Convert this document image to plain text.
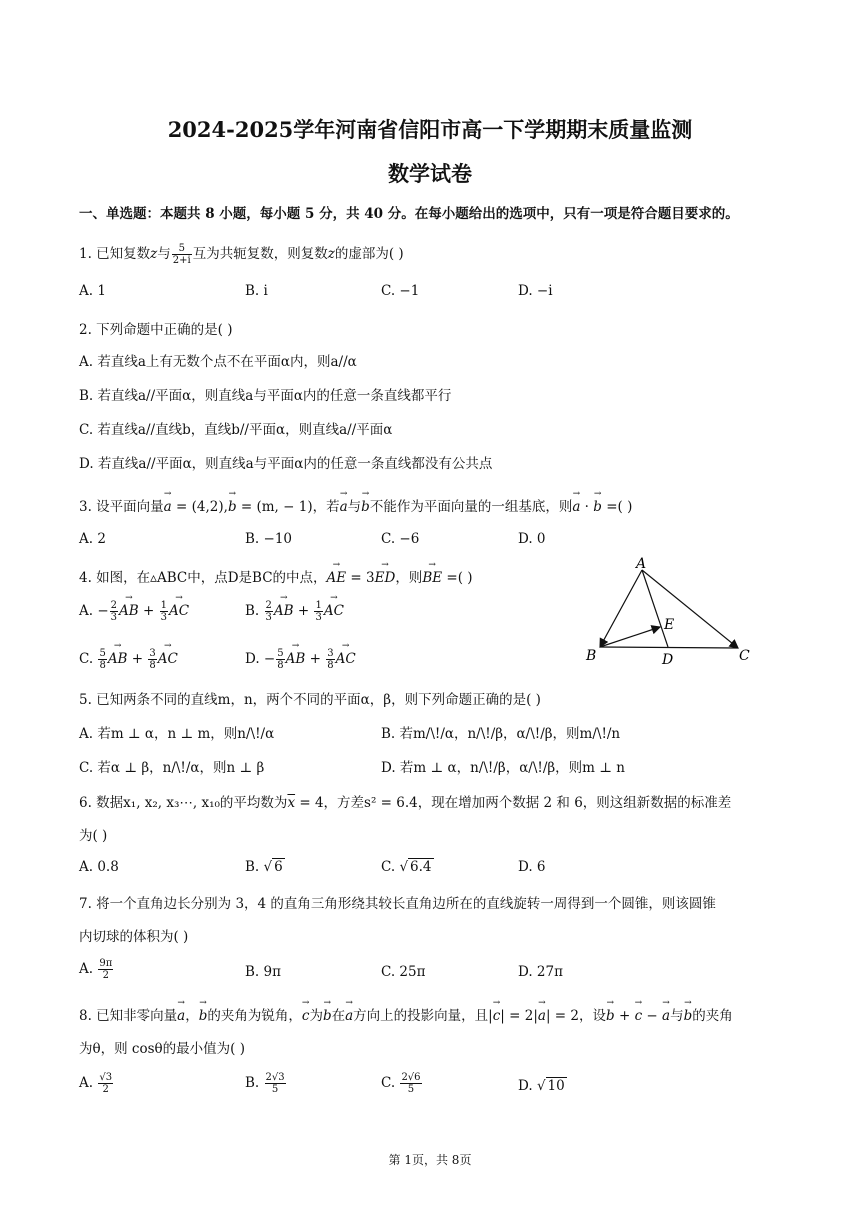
2024-2025学年河南省信阳市高一下学期期末质量监测
数学试卷
一、单选题：本题共 8 小题，每小题 5 分，共 40 分。在每小题给出的选项中，只有一项是符合题目要求的。
1. 已知复数z与 $\frac{5}{2+i}$ 互为共轭复数，则复数z的虚部为( )
A. 1	B. i	C. −1	D. −i
2. 下列命题中正确的是( )
A. 若直线a上有无数个点不在平面α内，则a//α
B. 若直线a//平面α，则直线a与平面α内的任意一条直线都平行
C. 若直线a//直线b，直线b//平面α，则直线a//平面α
D. 若直线a//平面α，则直线a与平面α内的任意一条直线都没有公共点
3. 设平面向量→ a = (4,2),→ b = (m, − 1)，若→ a与→ b不能作为平面向量的一组基底，则→ a · → b =( )
A. 2	B. −10	C. −6	D. 0
4. 如图，在▵ABC中，点D是BC的中点，→ AE = 3→ ED，则→ BE =( )
A. − $\frac{2}{3}$ → AB + $\frac{1}{3}$ → AC	B. $\frac{2}{3}$ → AB + $\frac{1}{3}$ → AC
C. $\frac{5}{8}$ → AB + $\frac{3}{8}$ → AC	D. − $\frac{5}{8}$ → AB + $\frac{3}{8}$ → AC
A
B	C
D
E
5. 已知两条不同的直线m，n，两个不同的平面α，β，则下列命题正确的是( )
A. 若m ⊥ α，n ⊥ m，则n/\!/α	B. 若m/\!/α，n/\!/β，α/\!/β，则m/\!/n
C. 若α ⊥ β，n/\!/α，则n ⊥ β	D. 若m ⊥ α，n/\!/β，α/\!/β，则m ⊥ n
6. 数据x₁, x₂, x₃⋯, x₁₀的平均数为$\overline{x} = 4$，方差s² = 6.4，现在增加两个数据 2 和 6，则这组新数据的标准差
为( )
A. 0.8	B. √ 6	C. √ 6.4	D. 6
7. 将一个直角边长分别为 3，4 的直角三角形绕其较长直角边所在的直线旋转一周得到一个圆锥，则该圆锥
内切球的体积为( )
A. $\frac{9\pi}{2}$	B. 9π	C. 25π	D. 27π
8. 已知非零向量→ a，→ b的夹角为锐角，→ c为→ b在→ a方向上的投影向量，且|→ c| = 2|→ a| = 2，设→ b + → c − → a与→ b的夹角
为θ，则 cosθ的最小值为( )
A. $\frac{√3}{2}$	B. $\frac{2√3}{5}$	C. $\frac{2√6}{5}$	D. √ 10
第 1页，共 8页
